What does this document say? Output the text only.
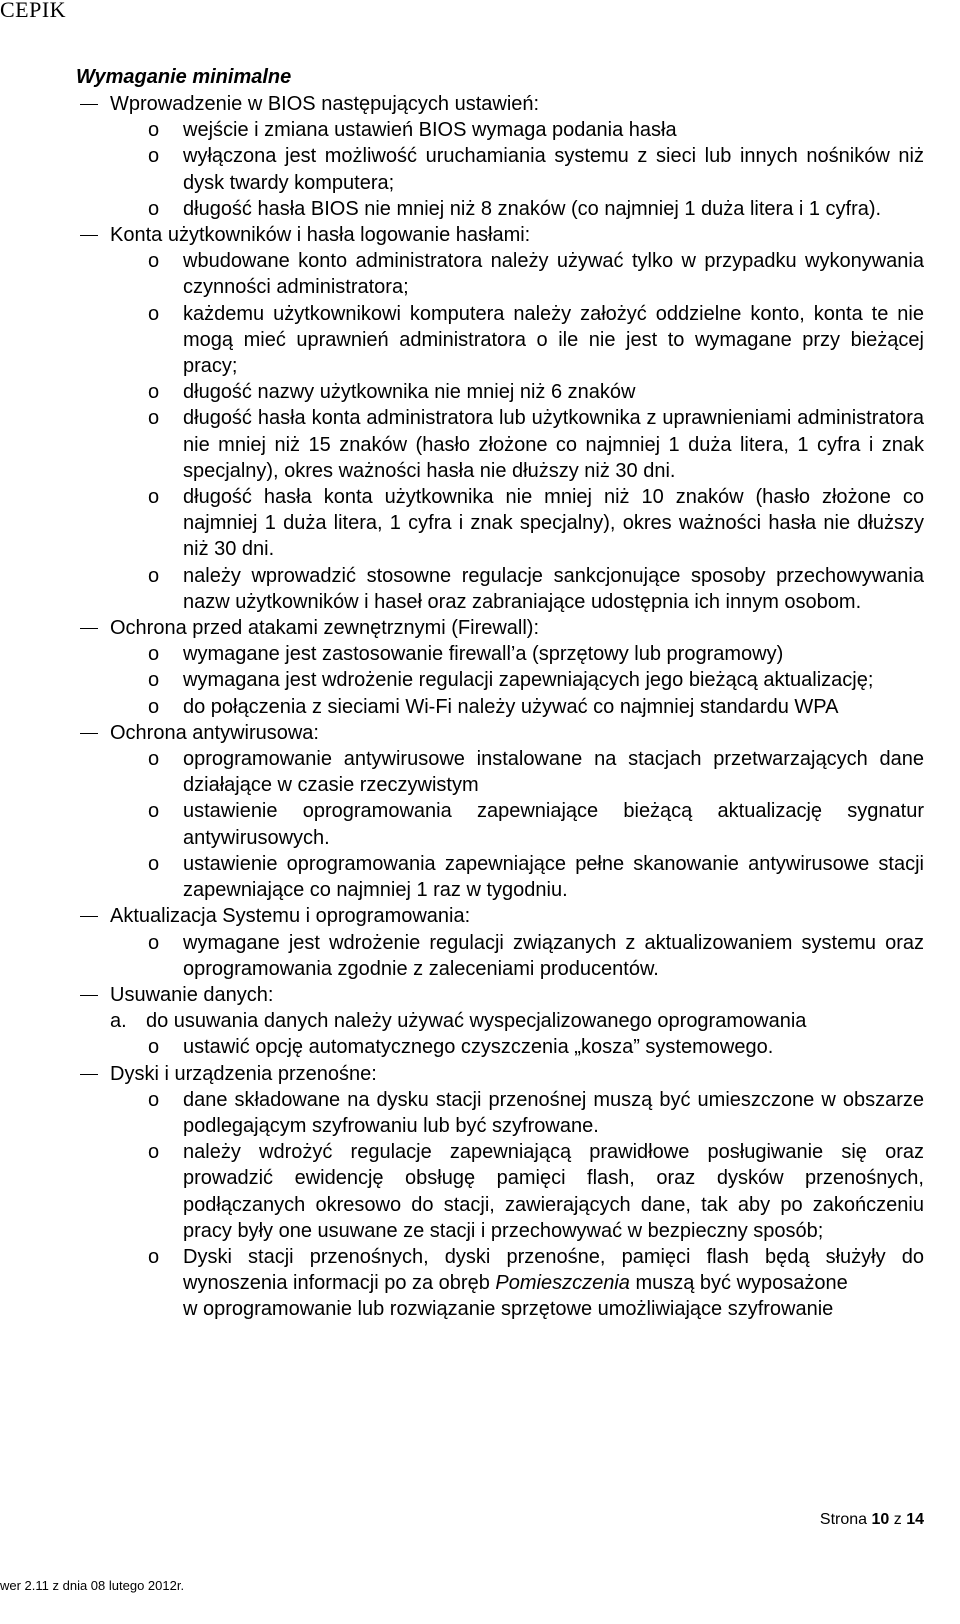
CEPIK
Wymaganie minimalne
Wprowadzenie w BIOS następujących ustawień:
o wejście i zmiana ustawień BIOS wymaga podania hasła
o wyłączona jest możliwość uruchamiania systemu z sieci lub innych nośników niż dysk twardy komputera;
o długość hasła BIOS nie mniej niż 8 znaków (co najmniej 1 duża litera i 1 cyfra).
Konta użytkowników i hasła logowanie hasłami:
o wbudowane konto administratora należy używać tylko w przypadku wykonywania czynności administratora;
o każdemu użytkownikowi komputera należy założyć oddzielne konto, konta te nie mogą mieć uprawnień administratora o ile nie jest to wymagane przy bieżącej pracy;
o długość nazwy użytkownika nie mniej niż 6 znaków
o długość hasła konta administratora lub użytkownika z uprawnieniami administratora nie mniej niż 15 znaków (hasło złożone co najmniej 1 duża litera, 1 cyfra i znak specjalny), okres ważności hasła nie dłuższy niż 30 dni.
o długość hasła konta użytkownika nie mniej niż 10 znaków (hasło złożone co najmniej 1 duża litera, 1 cyfra i znak specjalny), okres ważności hasła nie dłuższy niż 30 dni.
o należy wprowadzić stosowne regulacje sankcjonujące sposoby przechowywania nazw użytkowników i haseł oraz zabraniające udostępnia ich innym osobom.
Ochrona przed atakami zewnętrznymi (Firewall):
o wymagane jest zastosowanie firewall’a (sprzętowy lub programowy)
o wymagana jest wdrożenie regulacji zapewniających jego bieżącą aktualizację;
o do połączenia z sieciami Wi-Fi należy używać co najmniej standardu WPA
Ochrona antywirusowa:
o oprogramowanie antywirusowe instalowane na stacjach przetwarzających dane działające w czasie rzeczywistym
o ustawienie oprogramowania zapewniające bieżącą aktualizację sygnatur antywirusowych.
o ustawienie oprogramowania zapewniające pełne skanowanie antywirusowe stacji zapewniające co najmniej 1 raz w tygodniu.
Aktualizacja Systemu i oprogramowania:
o wymagane jest wdrożenie regulacji związanych z aktualizowaniem systemu oraz oprogramowania zgodnie z zaleceniami producentów.
Usuwanie danych:
a. do usuwania danych należy używać wyspecjalizowanego oprogramowania
o ustawić opcję automatycznego czyszczenia „kosza” systemowego.
Dyski i urządzenia przenośne:
o dane składowane na dysku stacji przenośnej muszą być umieszczone w obszarze podlegającym szyfrowaniu lub być szyfrowane.
o należy wdrożyć regulacje zapewniającą prawidłowe posługiwanie się oraz prowadzić ewidencję obsługę pamięci flash, oraz dysków przenośnych, podłączanych okresowo do stacji, zawierających dane, tak aby po zakończeniu pracy były one usuwane ze stacji i przechowywać w bezpieczny sposób;
o Dyski stacji przenośnych, dyski przenośne, pamięci flash będą służyły do wynoszenia informacji po za obręb Pomieszczenia muszą być wyposażone
w oprogramowanie lub rozwiązanie sprzętowe umożliwiające szyfrowanie
Strona 10 z 14
wer 2.11 z dnia 08 lutego 2012r.
